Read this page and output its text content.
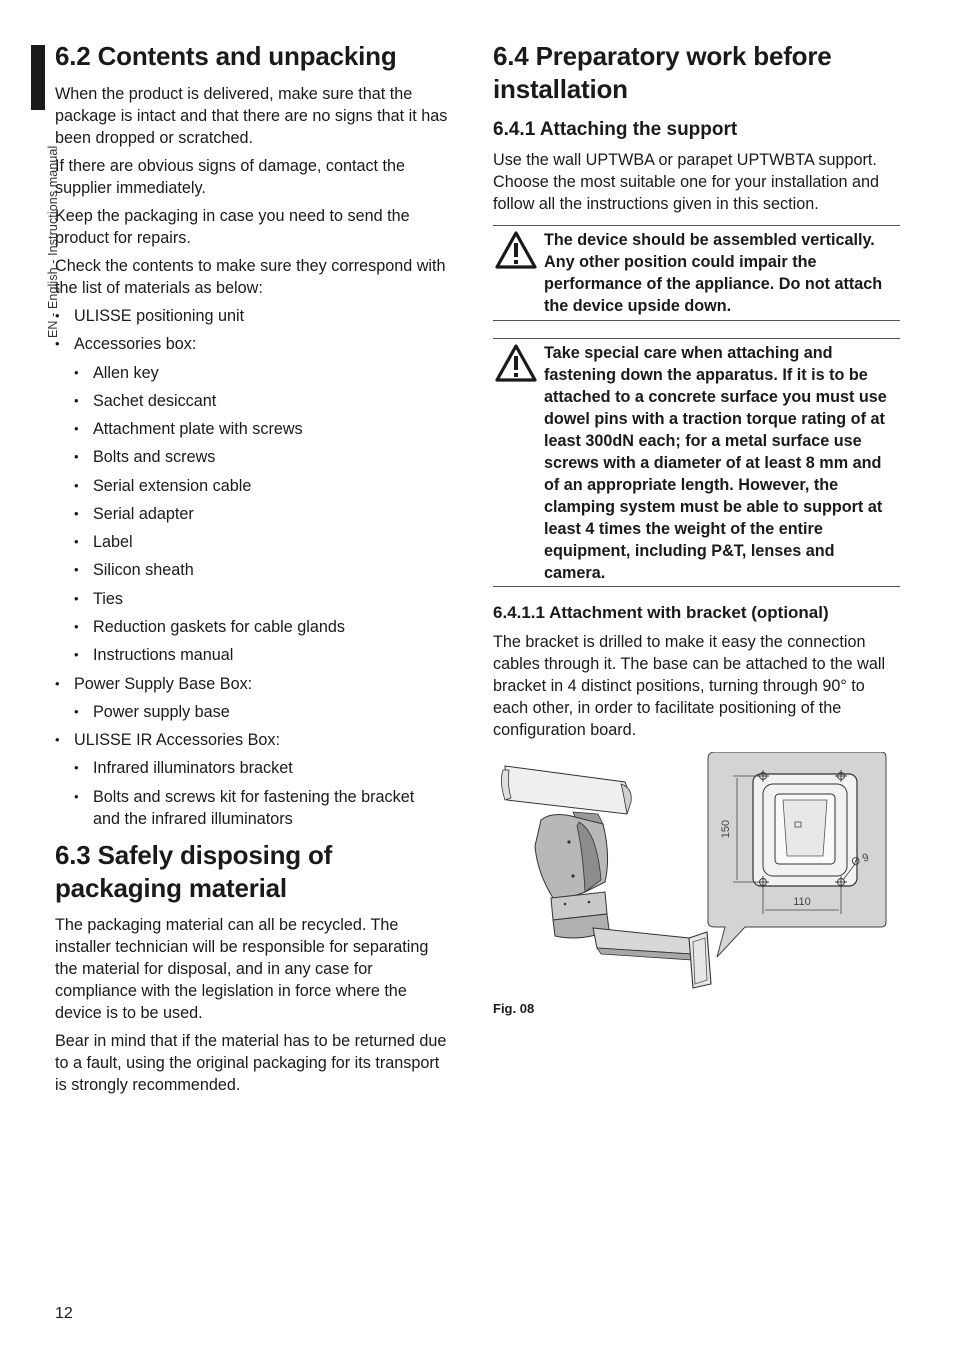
EN - English - Instructions manual
6.2 Contents and unpacking

When the product is delivered, make sure that the package is intact and that there are no signs that it has been dropped or scratched.

If there are obvious signs of damage, contact the supplier immediately.

Keep the packaging in case you need to send the product for repairs.

Check the contents to make sure they correspond with the list of materials as below:

• ULISSE positioning unit
• Accessories box:
• Allen key
• Sachet desiccant
• Attachment plate with screws
• Bolts and screws
• Serial extension cable
• Serial adapter
• Label
• Silicon sheath
• Ties
• Reduction gaskets for cable glands
• Instructions manual
• Power Supply Base Box:
• Power supply base
• ULISSE IR Accessories Box:
• Infrared illuminators bracket
• Bolts and screws kit for fastening the bracket and the infrared illuminators
6.3 Safely disposing of packaging material

The packaging material can all be recycled. The installer technician will be responsible for separating the material for disposal, and in any case for compliance with the legislation in force where the device is to be used.

Bear in mind that if the material has to be returned due to a fault, using the original packaging for its transport is strongly recommended.

6.4 Preparatory work before installation
6.4.1 Attaching the support

Use the wall UPTWBA or parapet UPTWBTA support. Choose the most suitable one for your installation and follow all the instructions given in this section.

The device should be assembled vertically. Any other position could impair the performance of the appliance. Do not attach the device upside down.
Take special care when attaching and fastening down the apparatus. If it is to be attached to a concrete surface you must use dowel pins with a traction torque rating of at least 300dN each; for a metal surface use screws with a diameter of at least 8 mm and of an appropriate length. However, the clamping system must be able to support at least 4 times the weight of the entire equipment, including P&T, lenses and camera.
6.4.1.1 Attachment with bracket (optional)

The bracket is drilled to make it easy the connection cables through it. The base can be attached to the wall bracket in 4 distinct positions, turning through 90° to each other, in order to facilitate positioning of the configuration board.

150
110
Ø 9
Fig. 08
12
